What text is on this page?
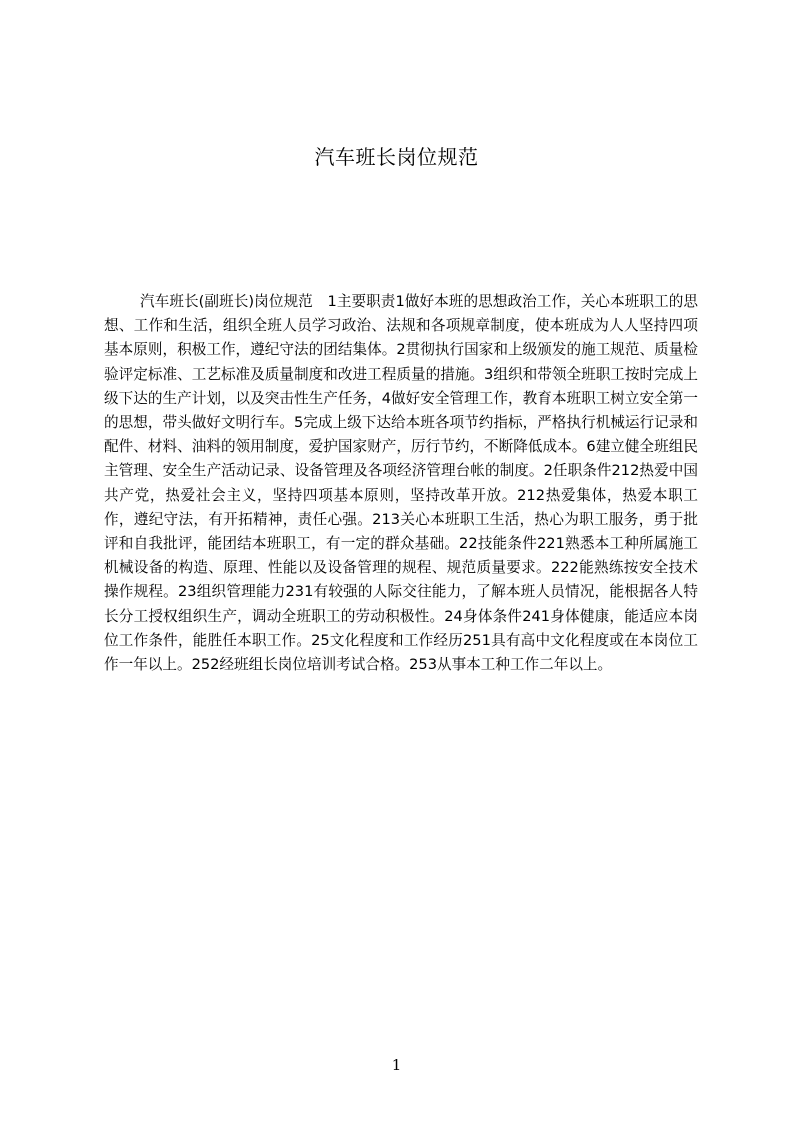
汽车班长岗位规范

汽车班长(副班长)岗位规范　1主要职责1做好本班的思想政治工作，关心本班职工的思想、工作和生活，组织全班人员学习政治、法规和各项规章制度，使本班成为人人坚持四项基本原则，积极工作，遵纪守法的团结集体。2贯彻执行国家和上级颁发的施工规范、质量检验评定标准、工艺标准及质量制度和改进工程质量的措施。3组织和带领全班职工按时完成上级下达的生产计划，以及突击性生产任务，4做好安全管理工作，教育本班职工树立安全第一的思想，带头做好文明行车。5完成上级下达给本班各项节约指标，严格执行机械运行记录和配件、材料、油料的领用制度，爱护国家财产，厉行节约，不断降低成本。6建立健全班组民主管理、安全生产活动记录、设备管理及各项经济管理台帐的制度。2任职条件212热爱中国共产党，热爱社会主义，坚持四项基本原则，坚持改革开放。212热爱集体，热爱本职工作，遵纪守法，有开拓精神，责任心强。213关心本班职工生活，热心为职工服务，勇于批评和自我批评，能团结本班职工，有一定的群众基础。22技能条件221熟悉本工种所属施工机械设备的构造、原理、性能以及设备管理的规程、规范质量要求。222能熟练按安全技术操作规程。23组织管理能力231有较强的人际交往能力，了解本班人员情况，能根据各人特长分工授权组织生产，调动全班职工的劳动积极性。24身体条件241身体健康，能适应本岗位工作条件，能胜任本职工作。25文化程度和工作经历251具有高中文化程度或在本岗位工作一年以上。252经班组长岗位培训考试合格。253从事本工种工作二年以上。

1
